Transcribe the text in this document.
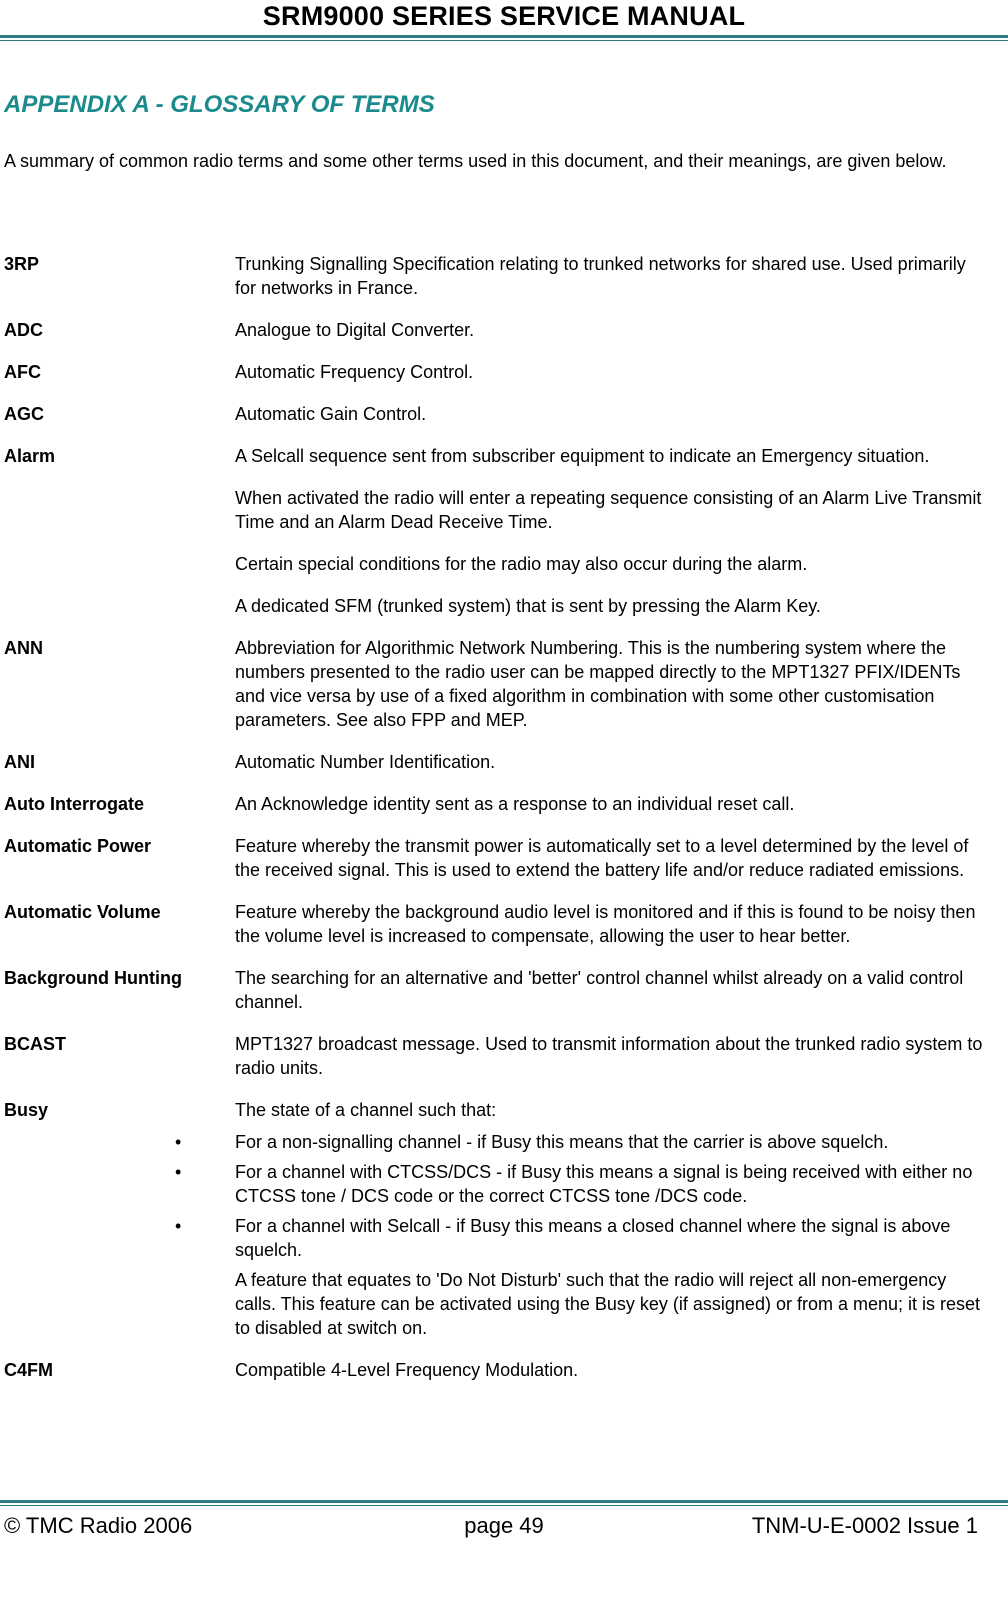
SRM9000 SERIES SERVICE MANUAL
APPENDIX A - GLOSSARY OF TERMS
A summary of common radio terms and some other terms used in this document, and their meanings, are given below.
3RP	Trunking Signalling Specification relating to trunked networks for shared use. Used primarily for networks in France.

ADC	Analogue to Digital Converter.

AFC	Automatic Frequency Control.

AGC	Automatic Gain Control.

Alarm	A Selcall sequence sent from subscriber equipment to indicate an Emergency situation.

When activated the radio will enter a repeating sequence consisting of an Alarm Live Transmit Time and an Alarm Dead Receive Time.

Certain special conditions for the radio may also occur during the alarm.

A dedicated SFM (trunked system) that is sent by pressing the Alarm Key.

ANN	Abbreviation for Algorithmic Network Numbering. This is the numbering system where the numbers presented to the radio user can be mapped directly to the MPT1327 PFIX/IDENTs and vice versa by use of a fixed algorithm in combination with some other customisation parameters. See also FPP and MEP.

ANI	Automatic Number Identification.

Auto Interrogate	An Acknowledge identity sent as a response to an individual reset call.

Automatic Power	Feature whereby the transmit power is automatically set to a level determined by the level of the received signal. This is used to extend the battery life and/or reduce radiated emissions.

Automatic Volume	Feature whereby the background audio level is monitored and if this is found to be noisy then the volume level is increased to compensate, allowing the user to hear better.

Background Hunting	The searching for an alternative and 'better' control channel whilst already on a valid control channel.

BCAST	MPT1327 broadcast message. Used to transmit information about the trunked radio system to radio units.

Busy	The state of a channel such that:

•	For a non-signalling channel - if Busy this means that the carrier is above squelch.
•	For a channel with CTCSS/DCS - if Busy this means a signal is being received with either no CTCSS tone / DCS code or the correct CTCSS tone /DCS code.
•	For a channel with Selcall - if Busy this means a closed channel where the signal is above squelch.

A feature that equates to 'Do Not Disturb' such that the radio will reject all non-emergency calls. This feature can be activated using the Busy key (if assigned) or from a menu; it is reset to disabled at switch on.

C4FM	Compatible 4-Level Frequency Modulation.

© TMC Radio 2006	page 49	TNM-U-E-0002 Issue 1
